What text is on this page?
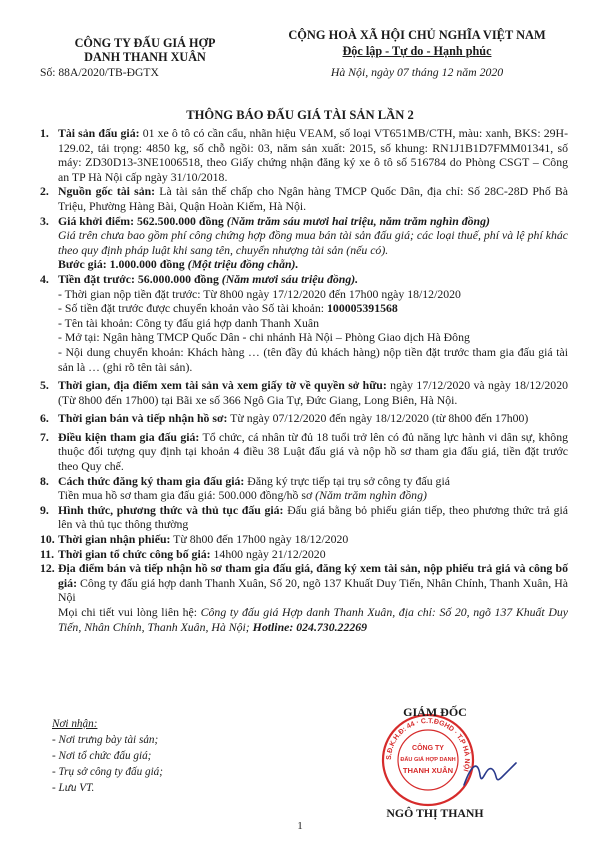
CÔNG TY ĐẤU GIÁ HỢP
DANH THANH XUÂN
Số: 88A/2020/TB-ĐGTX
CỘNG HOÀ XÃ HỘI CHỦ NGHĨA VIỆT NAM
Độc lập - Tự do - Hạnh phúc
Hà Nội, ngày 07 tháng 12 năm 2020
THÔNG BÁO ĐẤU GIÁ TÀI SẢN LẦN 2
1. Tài sản đấu giá: 01 xe ô tô có cần cẩu, nhãn hiệu VEAM, số loại VT651MB/CTH, màu: xanh, BKS: 29H-129.02, tải trọng: 4850 kg, số chỗ ngồi: 03, năm sản xuất: 2015, số khung: RN1J1B1D7FMM01341, số máy: ZD30D13-3NE1006518, theo Giấy chứng nhận đăng ký xe ô tô số 516784 do Phòng CSGT – Công an TP Hà Nội cấp ngày 31/10/2018.
2. Nguồn gốc tài sản: Là tài sản thế chấp cho Ngân hàng TMCP Quốc Dân, địa chỉ: Số 28C-28D Phố Bà Triệu, Phường Hàng Bài, Quận Hoàn Kiếm, Hà Nội.
3. Giá khởi điểm: 562.500.000 đồng (Năm trăm sáu mươi hai triệu, năm trăm nghìn đồng)
Giá trên chưa bao gồm phí công chứng hợp đồng mua bán tài sản đấu giá; các loại thuế, phí và lệ phí khác theo quy định pháp luật khi sang tên, chuyển nhượng tài sản (nếu có).
Bước giá: 1.000.000 đồng (Một triệu đồng chẵn).
4. Tiền đặt trước: 56.000.000 đồng (Năm mươi sáu triệu đồng).
- Thời gian nộp tiền đặt trước: Từ 8h00 ngày 17/12/2020 đến 17h00 ngày 18/12/2020
- Số tiền đặt trước được chuyển khoản vào Số tài khoản: 100005391568
- Tên tài khoản: Công ty đấu giá hợp danh Thanh Xuân
- Mở tại: Ngân hàng TMCP Quốc Dân - chi nhánh Hà Nội – Phòng Giao dịch Hà Đông
- Nội dung chuyển khoản: Khách hàng … (tên đầy đủ khách hàng) nộp tiền đặt trước tham gia đấu giá tài sản là … (ghi rõ tên tài sản).
5. Thời gian, địa điểm xem tài sản và xem giấy tờ về quyền sở hữu: ngày 17/12/2020 và ngày 18/12/2020 (Từ 8h00 đến 17h00) tại Bãi xe số 366 Ngô Gia Tự, Đức Giang, Long Biên, Hà Nội.
6. Thời gian bán và tiếp nhận hồ sơ: Từ ngày 07/12/2020 đến ngày 18/12/2020 (từ 8h00 đến 17h00)
7. Điều kiện tham gia đấu giá: Tổ chức, cá nhân từ đủ 18 tuổi trở lên có đủ năng lực hành vi dân sự, không thuộc đối tượng quy định tại khoản 4 điều 38 Luật đấu giá và nộp hồ sơ tham gia đấu giá, tiền đặt trước theo Quy chế.
8. Cách thức đăng ký tham gia đấu giá: Đăng ký trực tiếp tại trụ sở công ty đấu giá
Tiền mua hồ sơ tham gia đấu giá: 500.000 đồng/hồ sơ (Năm trăm nghìn đồng)
9. Hình thức, phương thức và thủ tục đấu giá: Đấu giá bằng bỏ phiếu gián tiếp, theo phương thức trả giá lên và thủ tục thông thường
10. Thời gian nhận phiếu: Từ 8h00 đến 17h00 ngày 18/12/2020
11. Thời gian tổ chức công bố giá: 14h00 ngày 21/12/2020
12. Địa điểm bán và tiếp nhận hồ sơ tham gia đấu giá, đăng ký xem tài sản, nộp phiếu trả giá và công bố giá: Công ty đấu giá hợp danh Thanh Xuân, Số 20, ngõ 137 Khuất Duy Tiến, Nhân Chính, Thanh Xuân, Hà Nội
Mọi chi tiết vui lòng liên hệ: Công ty đấu giá Hợp danh Thanh Xuân, địa chỉ: Số 20, ngõ 137 Khuất Duy Tiến, Nhân Chính, Thanh Xuân, Hà Nội; Hotline: 024.730.22269
Nơi nhận:
- Nơi trưng bày tài sản;
- Nơi tổ chức đấu giá;
- Trụ sở công ty đấu giá;
- Lưu VT.
S.Đ.K.H.Đ: 44 · C.T.ĐGHD · T.P HÀ NỘI
CÔNG TY
ĐẤU GIÁ HỢP DANH
THANH XUÂN
GIÁM ĐỐC
NGÔ THỊ THANH
1
